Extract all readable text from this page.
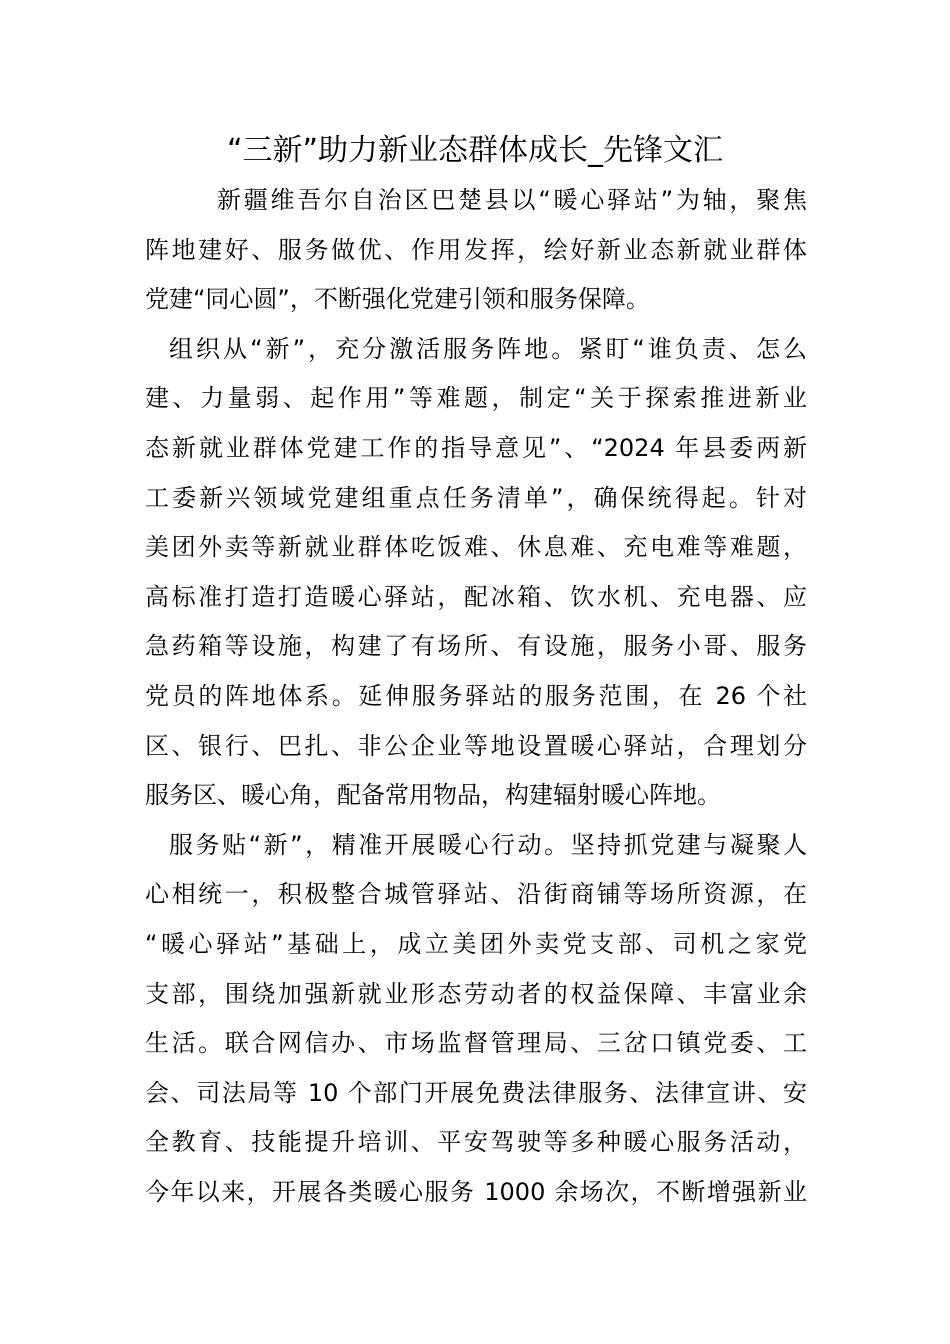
“三新”助力新业态群体成长_先锋文汇
新疆维吾尔自治区巴楚县以“暖心驿站”为轴，聚焦
阵地建好、服务做优、作用发挥，绘好新业态新就业群体
党建“同心圆”，不断强化党建引领和服务保障。
组织从“新”，充分激活服务阵地。紧盯“谁负责、怎么
建、力量弱、起作用”等难题，制定“关于探索推进新业
态新就业群体党建工作的指导意见”、“2024 年县委两新
工委新兴领域党建组重点任务清单”，确保统得起。针对
美团外卖等新就业群体吃饭难、休息难、充电难等难题，
高标准打造打造暖心驿站，配冰箱、饮水机、充电器、应
急药箱等设施，构建了有场所、有设施，服务小哥、服务
党员的阵地体系。延伸服务驿站的服务范围，在 26 个社
区、银行、巴扎、非公企业等地设置暖心驿站，合理划分
服务区、暖心角，配备常用物品，构建辐射暖心阵地。
服务贴“新”，精准开展暖心行动。坚持抓党建与凝聚人
心相统一，积极整合城管驿站、沿街商铺等场所资源，在
“暖心驿站”基础上，成立美团外卖党支部、司机之家党
支部，围绕加强新就业形态劳动者的权益保障、丰富业余
生活。联合网信办、市场监督管理局、三岔口镇党委、工
会、司法局等 10 个部门开展免费法律服务、法律宣讲、安
全教育、技能提升培训、平安驾驶等多种暖心服务活动，
今年以来，开展各类暖心服务 1000 余场次，不断增强新业
